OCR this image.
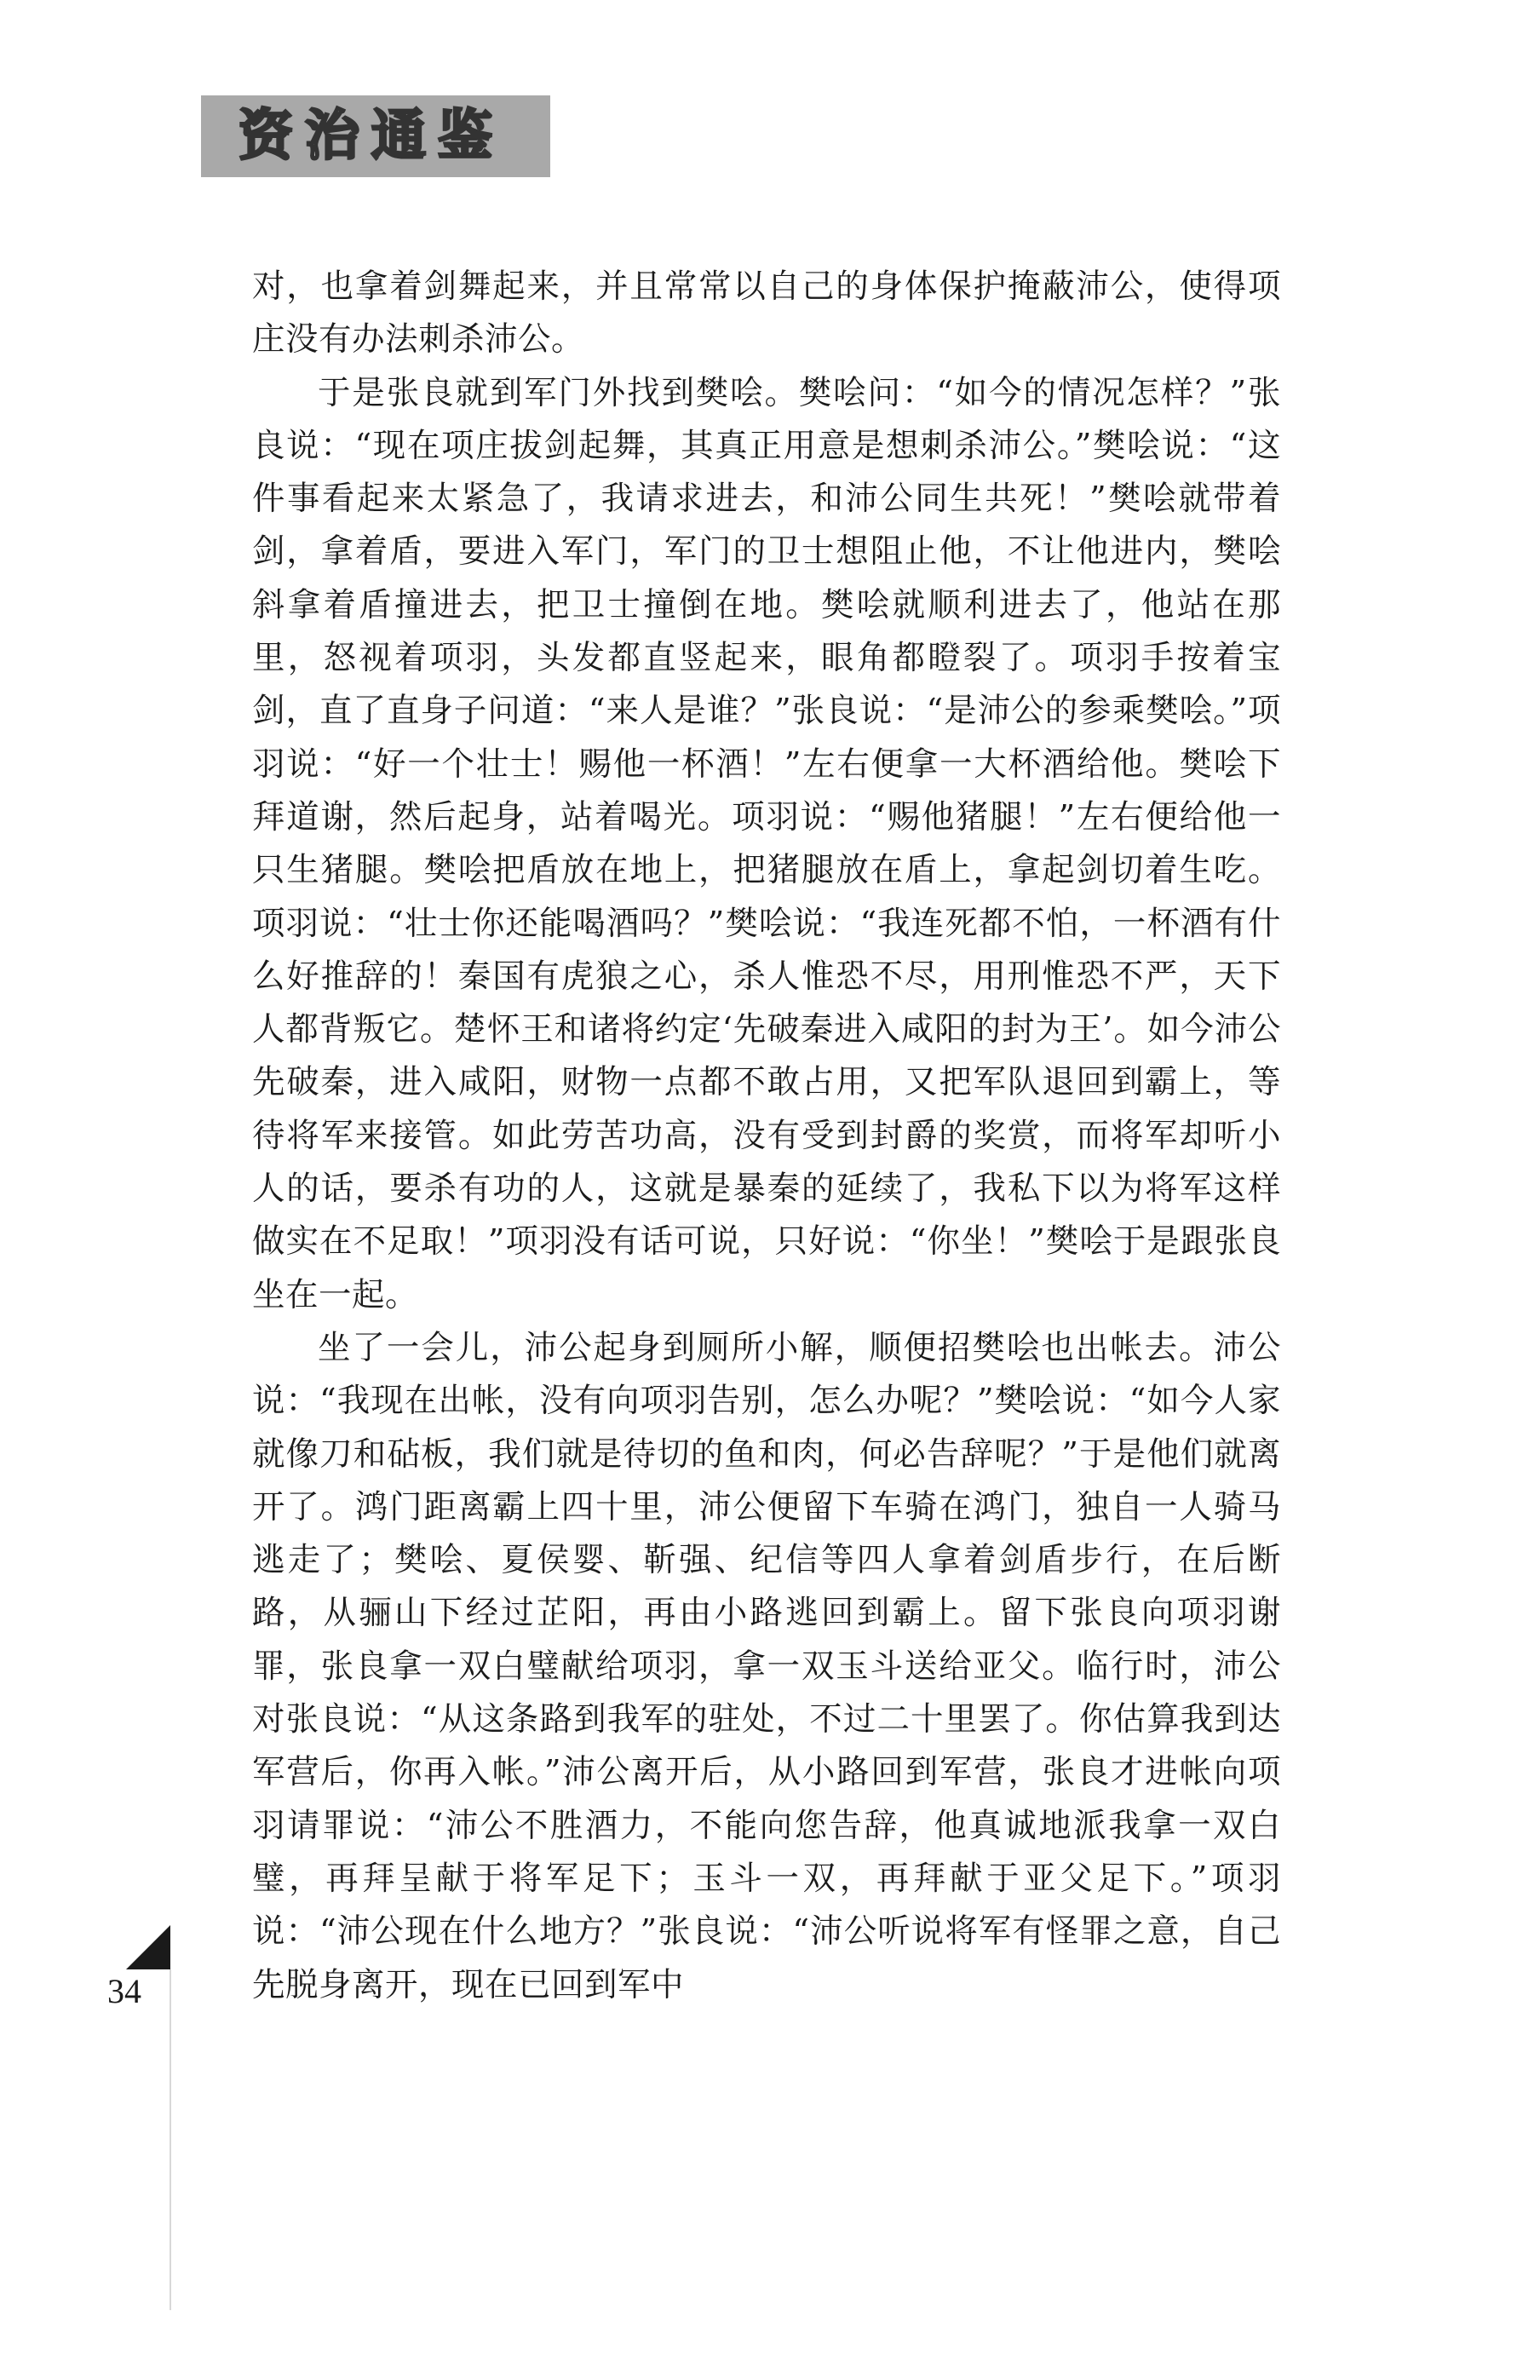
资治通鉴

对，也拿着剑舞起来，并且常常以自己的身体保护掩蔽沛公，使得项庄没有办法刺杀沛公。

于是张良就到军门外找到樊哙。樊哙问：“如今的情况怎样？”张良说：“现在项庄拔剑起舞，其真正用意是想刺杀沛公。”樊哙说：“这件事看起来太紧急了，我请求进去，和沛公同生共死！”樊哙就带着剑，拿着盾，要进入军门，军门的卫士想阻止他，不让他进内，樊哙斜拿着盾撞进去，把卫士撞倒在地。樊哙就顺利进去了，他站在那里，怒视着项羽，头发都直竖起来，眼角都瞪裂了。项羽手按着宝剑，直了直身子问道：“来人是谁？”张良说：“是沛公的参乘樊哙。”项羽说：“好一个壮士！赐他一杯酒！”左右便拿一大杯酒给他。樊哙下拜道谢，然后起身，站着喝光。项羽说：“赐他猪腿！”左右便给他一只生猪腿。樊哙把盾放在地上，把猪腿放在盾上，拿起剑切着生吃。项羽说：“壮士你还能喝酒吗？”樊哙说：“我连死都不怕，一杯酒有什么好推辞的！秦国有虎狼之心，杀人惟恐不尽，用刑惟恐不严，天下人都背叛它。楚怀王和诸将约定‘先破秦进入咸阳的封为王’。如今沛公先破秦，进入咸阳，财物一点都不敢占用，又把军队退回到霸上，等待将军来接管。如此劳苦功高，没有受到封爵的奖赏，而将军却听小人的话，要杀有功的人，这就是暴秦的延续了，我私下以为将军这样做实在不足取！”项羽没有话可说，只好说：“你坐！”樊哙于是跟张良坐在一起。

坐了一会儿，沛公起身到厕所小解，顺便招樊哙也出帐去。沛公说：“我现在出帐，没有向项羽告别，怎么办呢？”樊哙说：“如今人家就像刀和砧板，我们就是待切的鱼和肉，何必告辞呢？”于是他们就离开了。鸿门距离霸上四十里，沛公便留下车骑在鸿门，独自一人骑马逃走了；樊哙、夏侯婴、靳强、纪信等四人拿着剑盾步行，在后断路，从骊山下经过芷阳，再由小路逃回到霸上。留下张良向项羽谢罪，张良拿一双白璧献给项羽，拿一双玉斗送给亚父。临行时，沛公对张良说：“从这条路到我军的驻处，不过二十里罢了。你估算我到达军营后，你再入帐。”沛公离开后，从小路回到军营，张良才进帐向项羽请罪说：“沛公不胜酒力，不能向您告辞，他真诚地派我拿一双白璧，再拜呈献于将军足下；玉斗一双，再拜献于亚父足下。”项羽说：“沛公现在什么地方？”张良说：“沛公听说将军有怪罪之意，自己先脱身离开，现在已回到军中

34
